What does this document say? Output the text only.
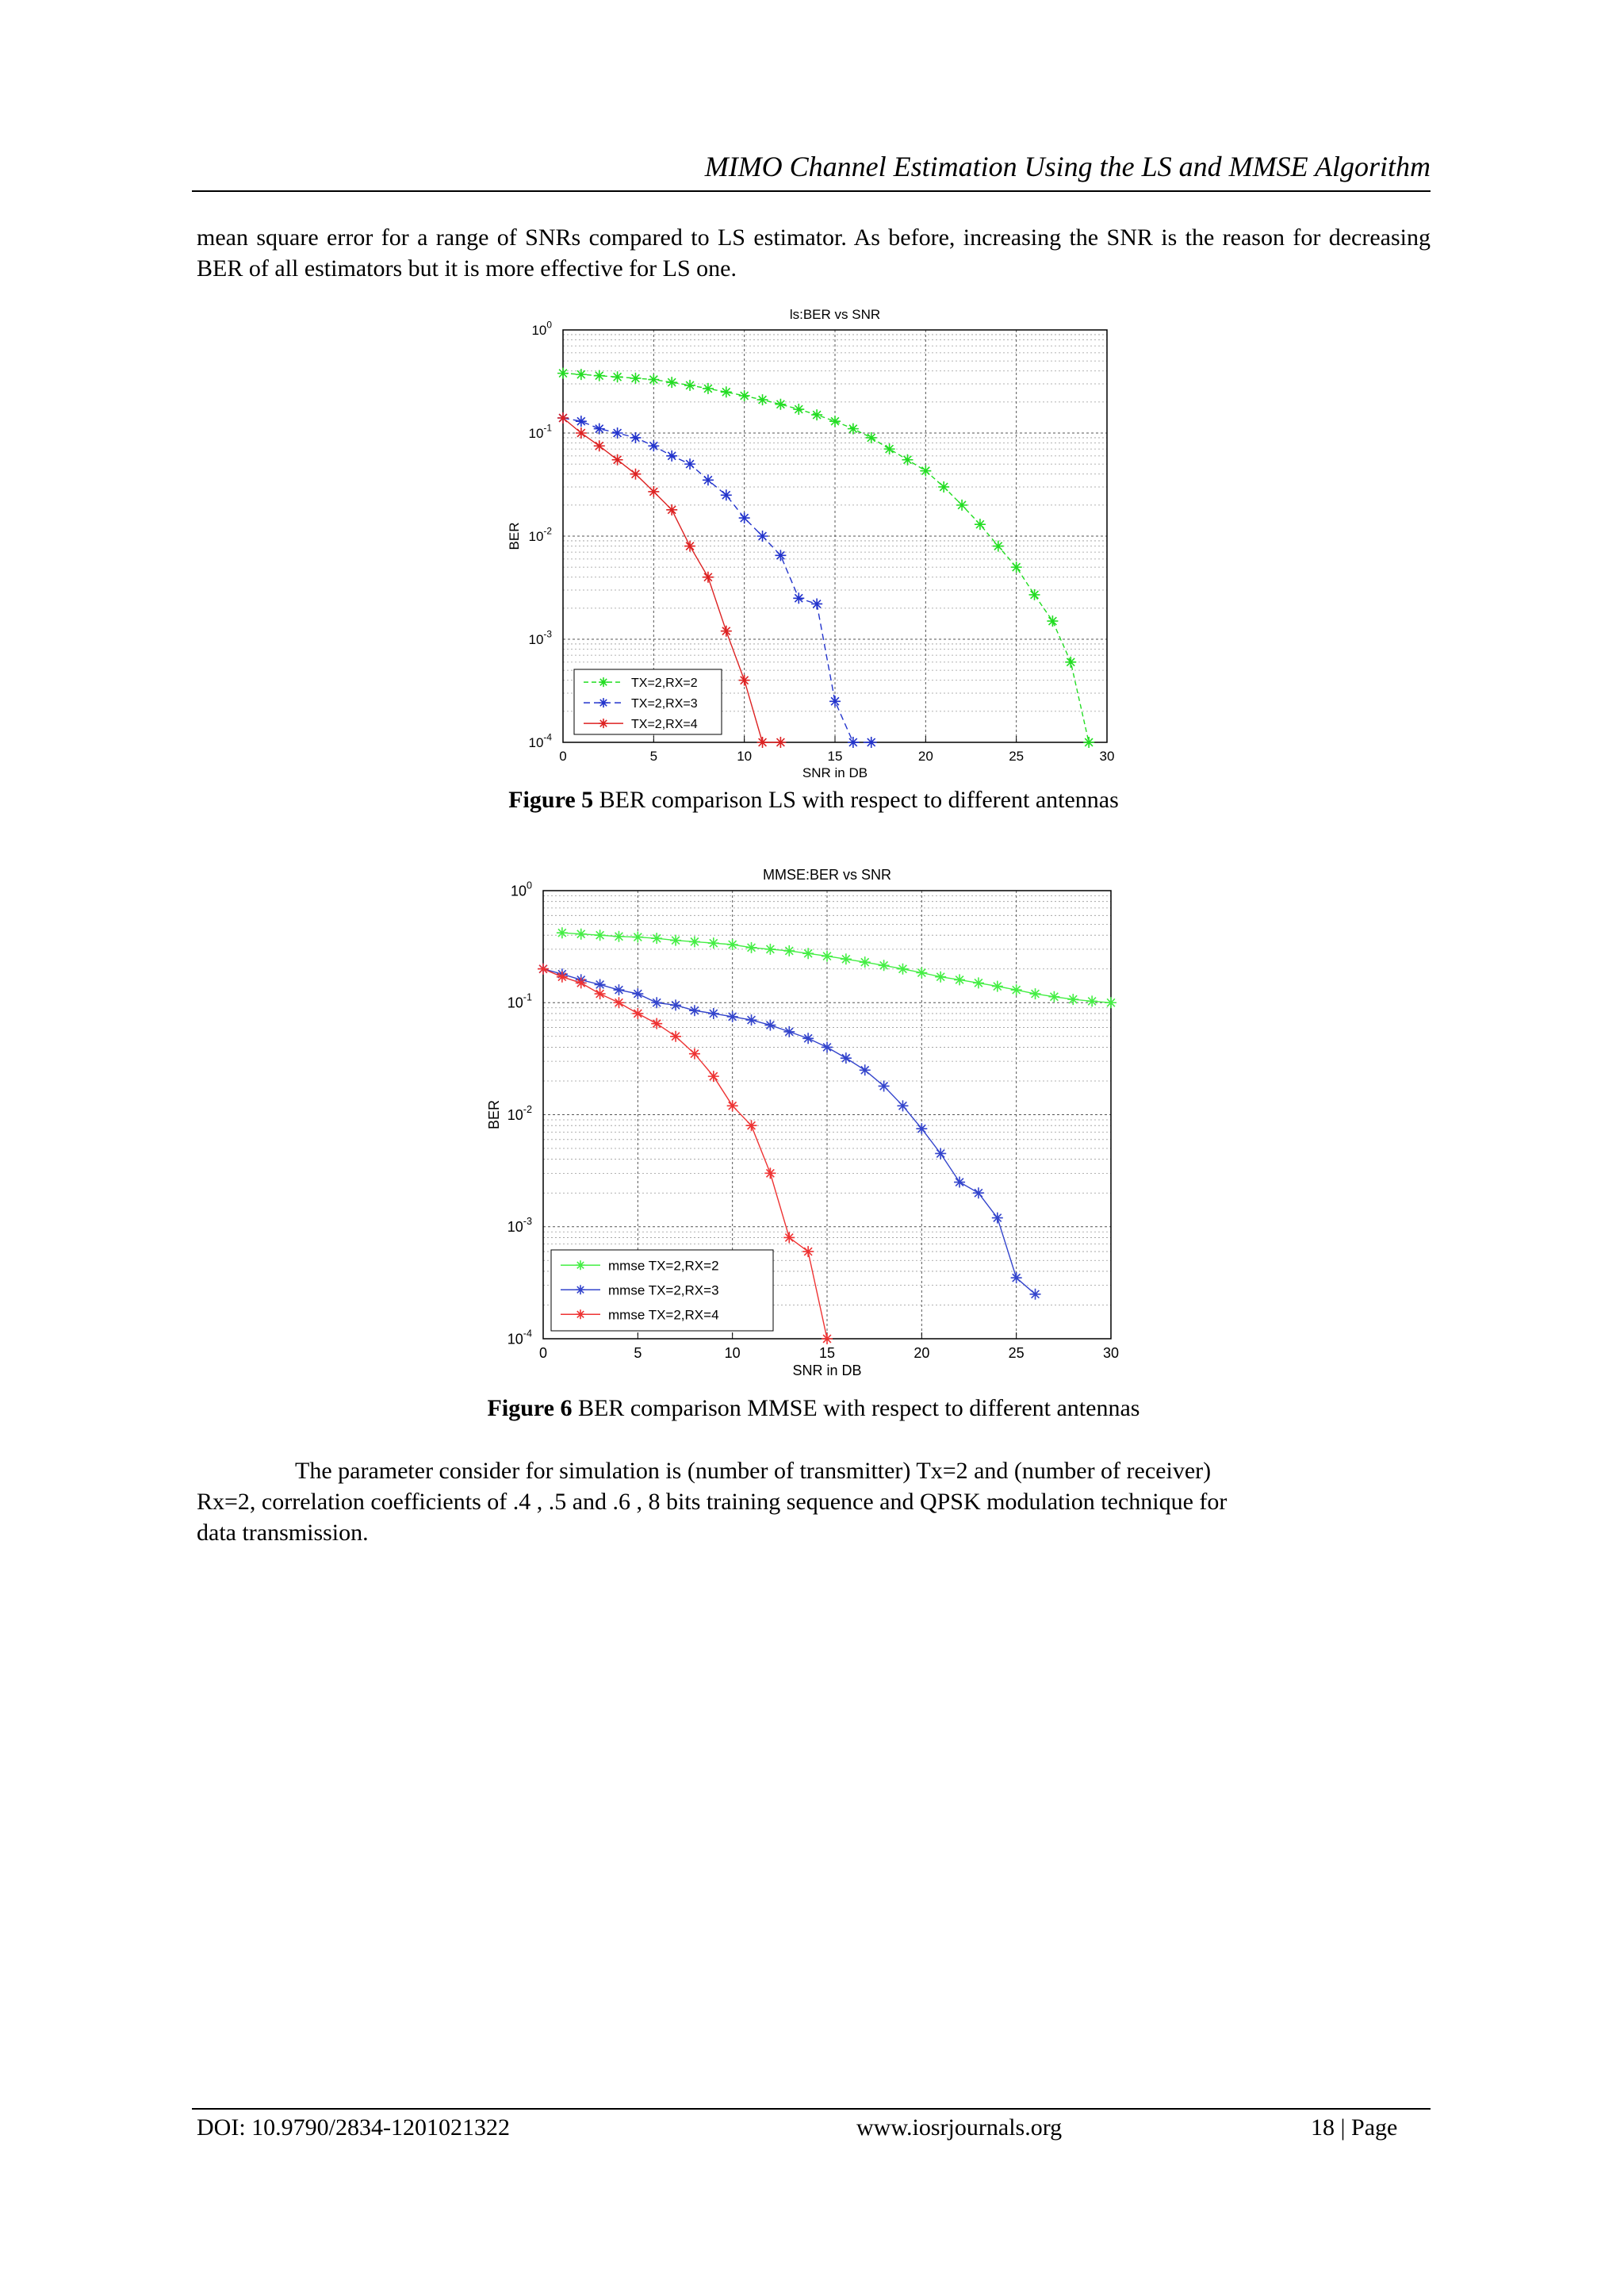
MIMO Channel Estimation Using the LS and MMSE Algorithm
mean square error for a range of SNRs compared to LS estimator. As before, increasing the SNR is the reason for decreasing BER of all estimators but it is more effective for LS one.
0	5	10	15	20	25	30
$10^0$
$10^{-1}$
$10^{-2}$
$10^{-3}$
$10^{-4}$
ls:BER vs SNR
SNR in DB
BER
TX=2,RX=2
TX=2,RX=3
TX=2,RX=4
Figure 5 BER comparison LS with respect to different antennas
0	5	10	15	20	25	30
$10^0$
$10^{-1}$
$10^{-2}$
$10^{-3}$
$10^{-4}$
MMSE:BER vs SNR
SNR in DB
BER
mmse TX=2,RX=2
mmse TX=2,RX=3
mmse TX=2,RX=4
Figure 6 BER comparison MMSE with respect to different antennas
The parameter consider for simulation is (number of transmitter) Tx=2 and (number of receiver)
Rx=2, correlation coefficients of .4 , .5 and .6 , 8 bits training sequence and QPSK modulation technique for
data transmission.
DOI: 10.9790/2834-1201021322	www.iosrjournals.org	18 | Page
